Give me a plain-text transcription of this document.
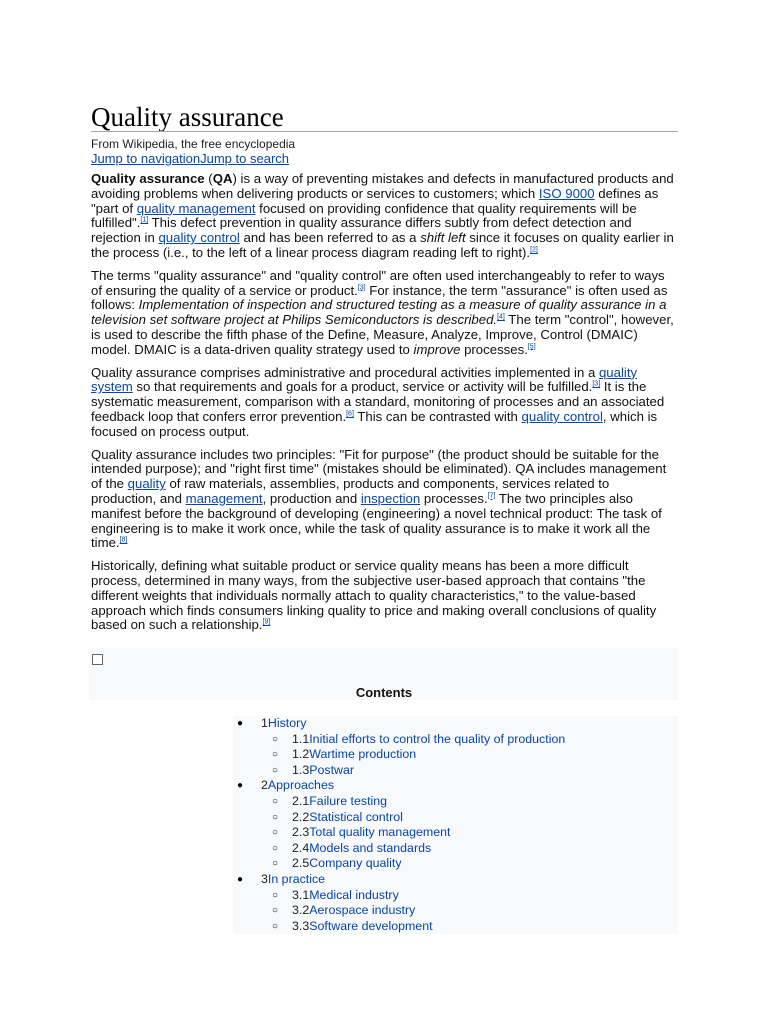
Quality assurance
From Wikipedia, the free encyclopedia
Jump to navigationJump to search

Quality assurance (QA) is a way of preventing mistakes and defects in manufactured products and avoiding problems when delivering products or services to customers; which ISO 9000 defines as "part of quality management focused on providing confidence that quality requirements will be fulfilled".[1] This defect prevention in quality assurance differs subtly from defect detection and rejection in quality control and has been referred to as a shift left since it focuses on quality earlier in the process (i.e., to the left of a linear process diagram reading left to right).[2]

The terms "quality assurance" and "quality control" are often used interchangeably to refer to ways of ensuring the quality of a service or product.[3] For instance, the term "assurance" is often used as follows: Implementation of inspection and structured testing as a measure of quality assurance in a television set software project at Philips Semiconductors is described.[4] The term "control", however, is used to describe the fifth phase of the Define, Measure, Analyze, Improve, Control (DMAIC) model. DMAIC is a data-driven quality strategy used to improve processes.[5]

Quality assurance comprises administrative and procedural activities implemented in a quality system so that requirements and goals for a product, service or activity will be fulfilled.[3] It is the systematic measurement, comparison with a standard, monitoring of processes and an associated feedback loop that confers error prevention.[6] This can be contrasted with quality control, which is focused on process output.

Quality assurance includes two principles: "Fit for purpose" (the product should be suitable for the intended purpose); and "right first time" (mistakes should be eliminated). QA includes management of the quality of raw materials, assemblies, products and components, services related to production, and management, production and inspection processes.[7] The two principles also manifest before the background of developing (engineering) a novel technical product: The task of engineering is to make it work once, while the task of quality assurance is to make it work all the time.[8]

Historically, defining what suitable product or service quality means has been a more difficult process, determined in many ways, from the subjective user-based approach that contains "the different weights that individuals normally attach to quality characteristics," to the value-based approach which finds consumers linking quality to price and making overall conclusions of quality based on such a relationship.[9]

Contents
● 1History
○ 1.1Initial efforts to control the quality of production
○ 1.2Wartime production
○ 1.3Postwar
● 2Approaches
○ 2.1Failure testing
○ 2.2Statistical control
○ 2.3Total quality management
○ 2.4Models and standards
○ 2.5Company quality
● 3In practice
○ 3.1Medical industry
○ 3.2Aerospace industry
○ 3.3Software development
